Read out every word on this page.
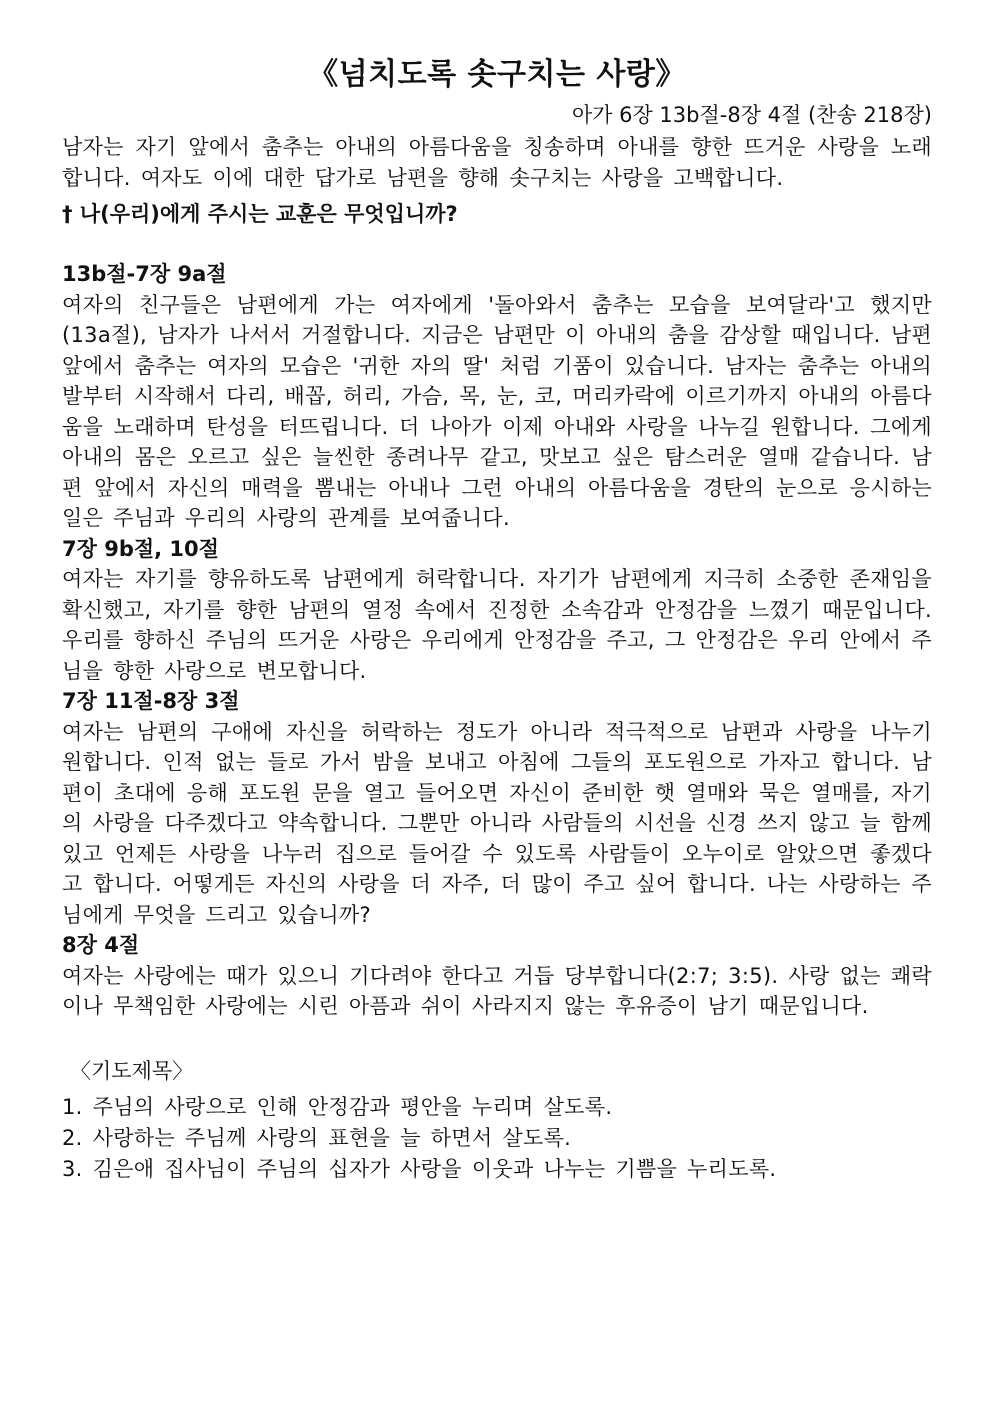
《넘치도록 솟구치는 사랑》
아가 6장 13b절-8장 4절 (찬송 218장)

남자는 자기 앞에서 춤추는 아내의 아름다움을 칭송하며 아내를 향한 뜨거운 사랑을 노래합니다. 여자도 이에 대한 답가로 남편을 향해 솟구치는 사랑을 고백합니다.

† 나(우리)에게 주시는 교훈은 무엇입니까?
13b절-7장 9a절

여자의 친구들은 남편에게 가는 여자에게 '돌아와서 춤추는 모습을 보여달라'고 했지만(13a절), 남자가 나서서 거절합니다. 지금은 남편만 이 아내의 춤을 감상할 때입니다. 남편 앞에서 춤추는 여자의 모습은 '귀한 자의 딸' 처럼 기품이 있습니다. 남자는 춤추는 아내의 발부터 시작해서 다리, 배꼽, 허리, 가슴, 목, 눈, 코, 머리카락에 이르기까지 아내의 아름다움을 노래하며 탄성을 터뜨립니다. 더 나아가 이제 아내와 사랑을 나누길 원합니다. 그에게 아내의 몸은 오르고 싶은 늘씬한 종려나무 같고, 맛보고 싶은 탐스러운 열매 같습니다. 남편 앞에서 자신의 매력을 뽐내는 아내나 그런 아내의 아름다움을 경탄의 눈으로 응시하는 일은 주님과 우리의 사랑의 관계를 보여줍니다.

7장 9b절, 10절

여자는 자기를 향유하도록 남편에게 허락합니다. 자기가 남편에게 지극히 소중한 존재임을 확신했고, 자기를 향한 남편의 열정 속에서 진정한 소속감과 안정감을 느꼈기 때문입니다. 우리를 향하신 주님의 뜨거운 사랑은 우리에게 안정감을 주고, 그 안정감은 우리 안에서 주님을 향한 사랑으로 변모합니다.

7장 11절-8장 3절

여자는 남편의 구애에 자신을 허락하는 정도가 아니라 적극적으로 남편과 사랑을 나누기 원합니다. 인적 없는 들로 가서 밤을 보내고 아침에 그들의 포도원으로 가자고 합니다. 남편이 초대에 응해 포도원 문을 열고 들어오면 자신이 준비한 햇 열매와 묵은 열매를, 자기의 사랑을 다주겠다고 약속합니다. 그뿐만 아니라 사람들의 시선을 신경 쓰지 않고 늘 함께 있고 언제든 사랑을 나누러 집으로 들어갈 수 있도록 사람들이 오누이로 알았으면 좋겠다고 합니다. 어떻게든 자신의 사랑을 더 자주, 더 많이 주고 싶어 합니다. 나는 사랑하는 주님에게 무엇을 드리고 있습니까?

8장 4절

여자는 사랑에는 때가 있으니 기다려야 한다고 거듭 당부합니다(2:7; 3:5). 사랑 없는 쾌락이나 무책임한 사랑에는 시린 아픔과 쉬이 사라지지 않는 후유증이 남기 때문입니다.

〈기도제목〉
1. 주님의 사랑으로 인해 안정감과 평안을 누리며 살도록.
2. 사랑하는 주님께 사랑의 표현을 늘 하면서 살도록.
3. 김은애 집사님이 주님의 십자가 사랑을 이웃과 나누는 기쁨을 누리도록.
